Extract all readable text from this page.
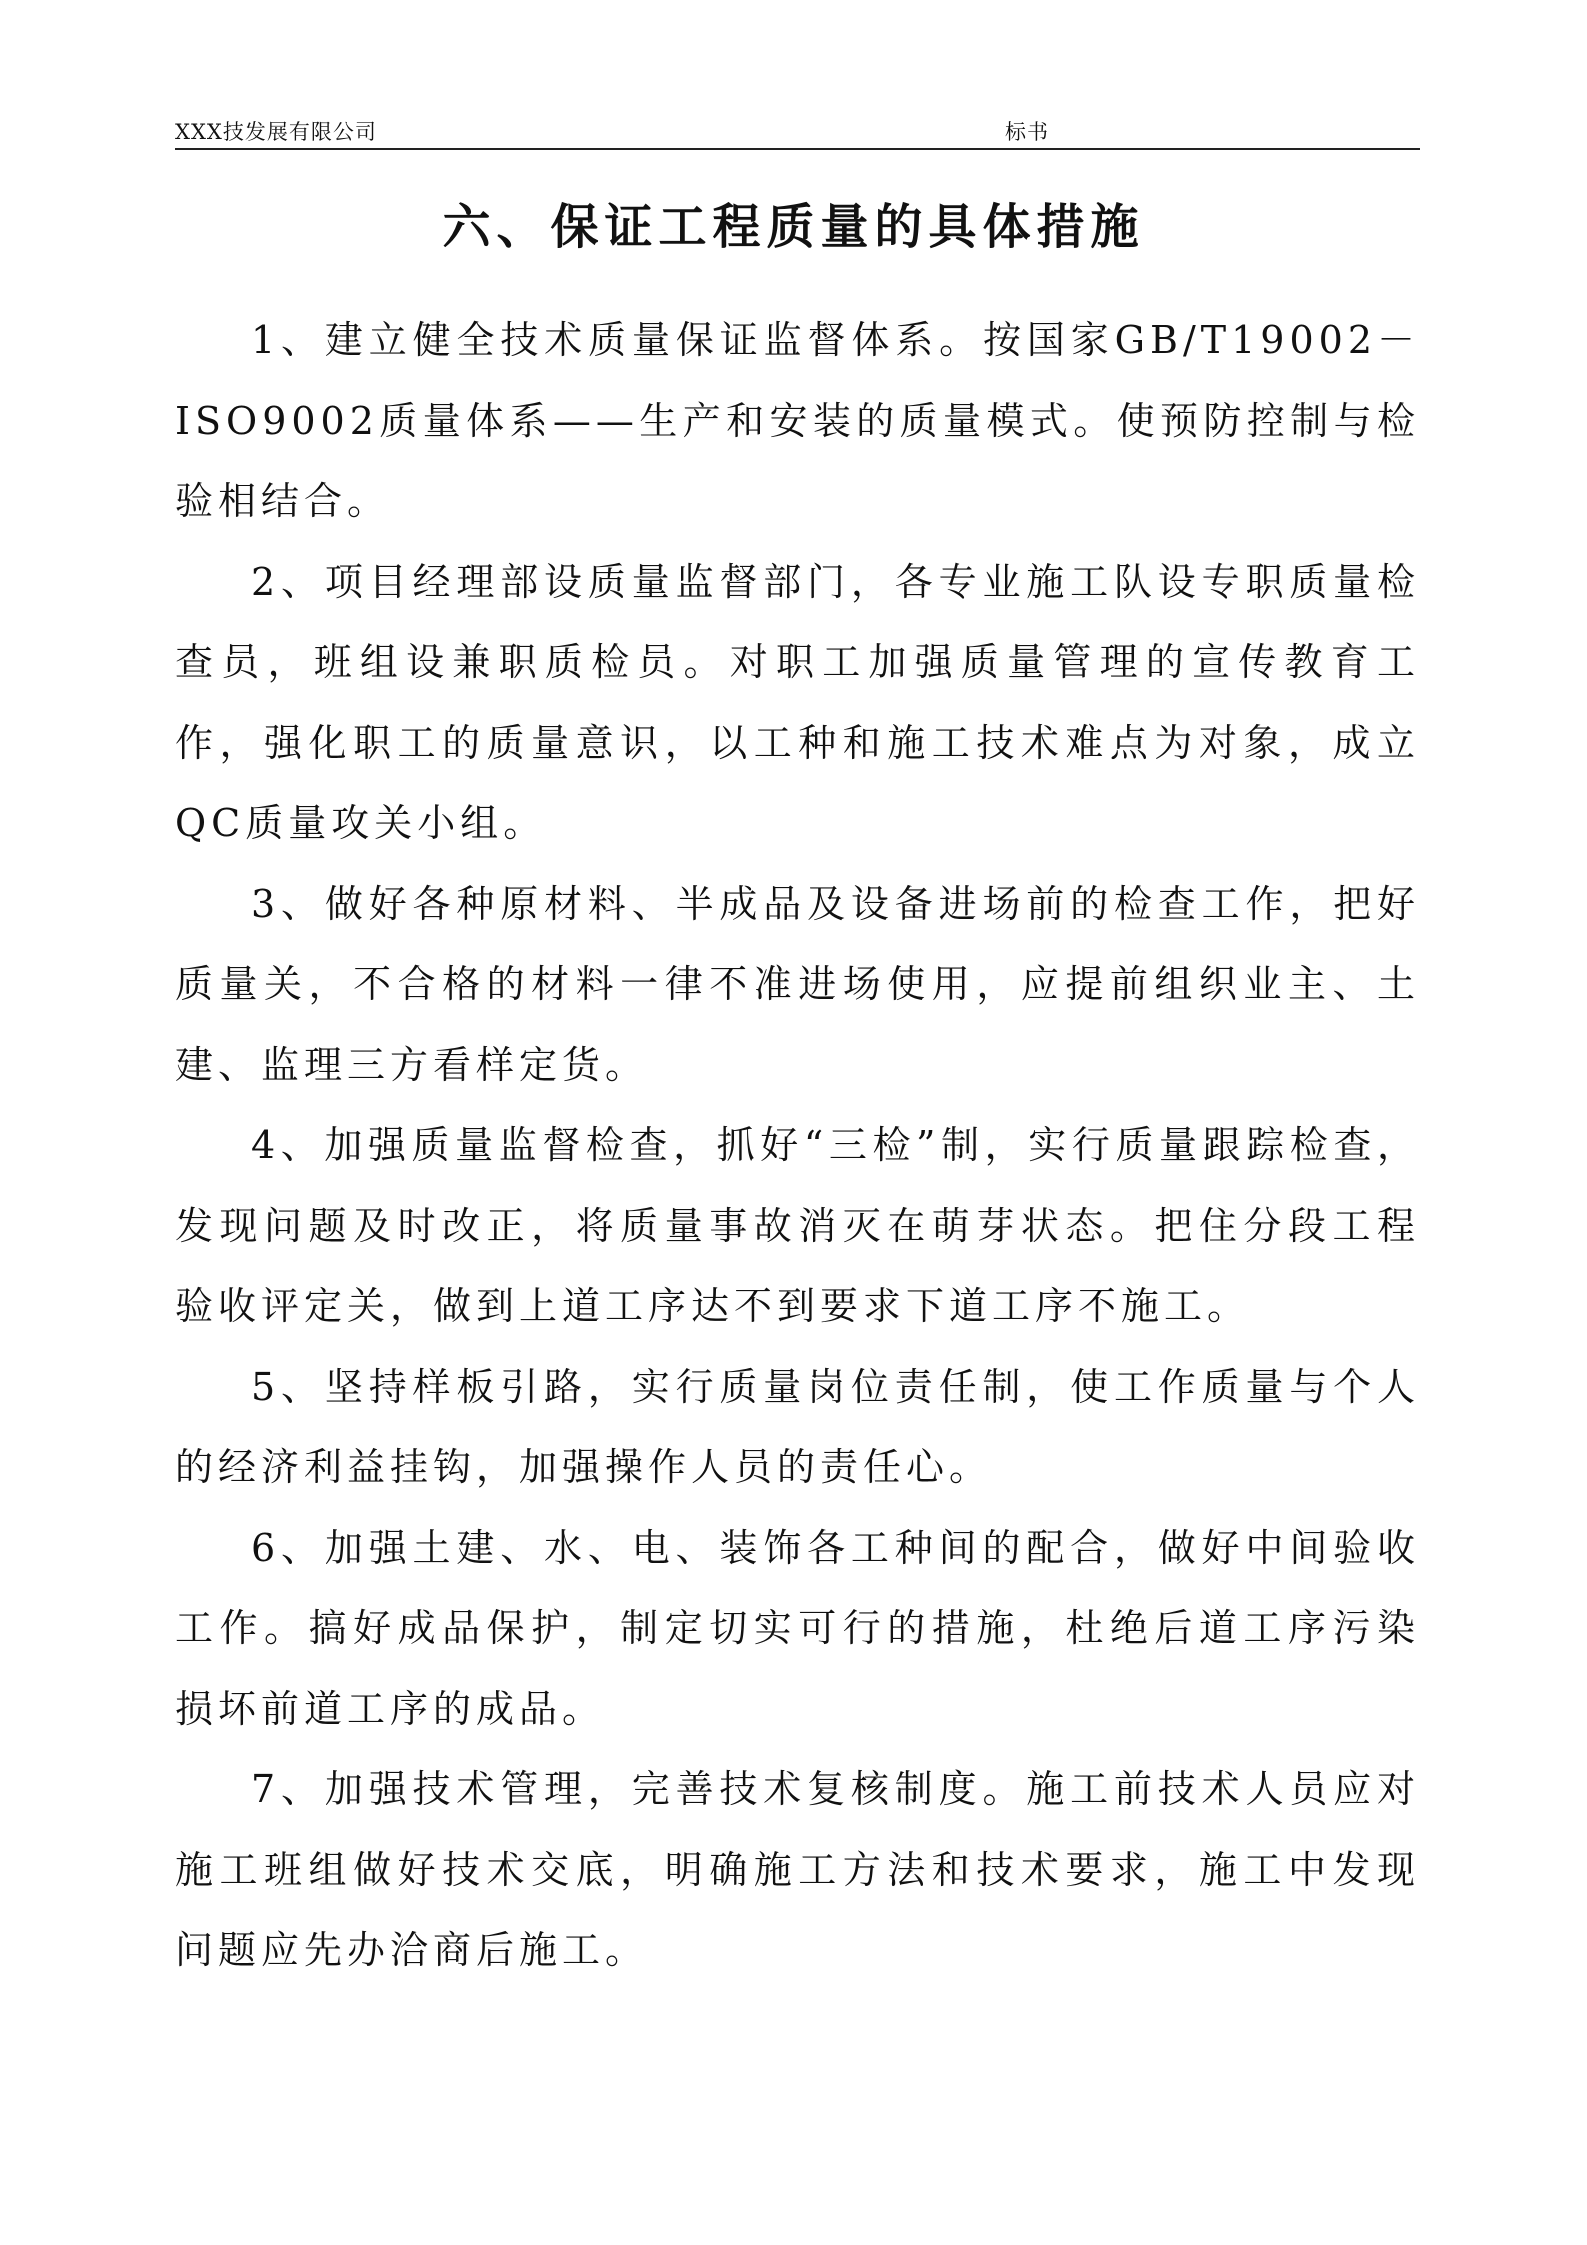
XXX技发展有限公司	标书
六、保证工程质量的具体措施

1、建立健全技术质量保证监督体系。按国家GB/T19002－ISO9002质量体系——生产和安装的质量模式。使预防控制与检验相结合。

2、项目经理部设质量监督部门，各专业施工队设专职质量检查员，班组设兼职质检员。对职工加强质量管理的宣传教育工作，强化职工的质量意识，以工种和施工技术难点为对象，成立QC质量攻关小组。

3、做好各种原材料、半成品及设备进场前的检查工作，把好质量关，不合格的材料一律不准进场使用，应提前组织业主、土建、监理三方看样定货。

4、加强质量监督检查，抓好“三检”制，实行质量跟踪检查，发现问题及时改正，将质量事故消灭在萌芽状态。把住分段工程验收评定关，做到上道工序达不到要求下道工序不施工。

5、坚持样板引路，实行质量岗位责任制，使工作质量与个人的经济利益挂钩，加强操作人员的责任心。

6、加强土建、水、电、装饰各工种间的配合，做好中间验收工作。搞好成品保护，制定切实可行的措施，杜绝后道工序污染损坏前道工序的成品。

7、加强技术管理，完善技术复核制度。施工前技术人员应对施工班组做好技术交底，明确施工方法和技术要求，施工中发现问题应先办洽商后施工。
